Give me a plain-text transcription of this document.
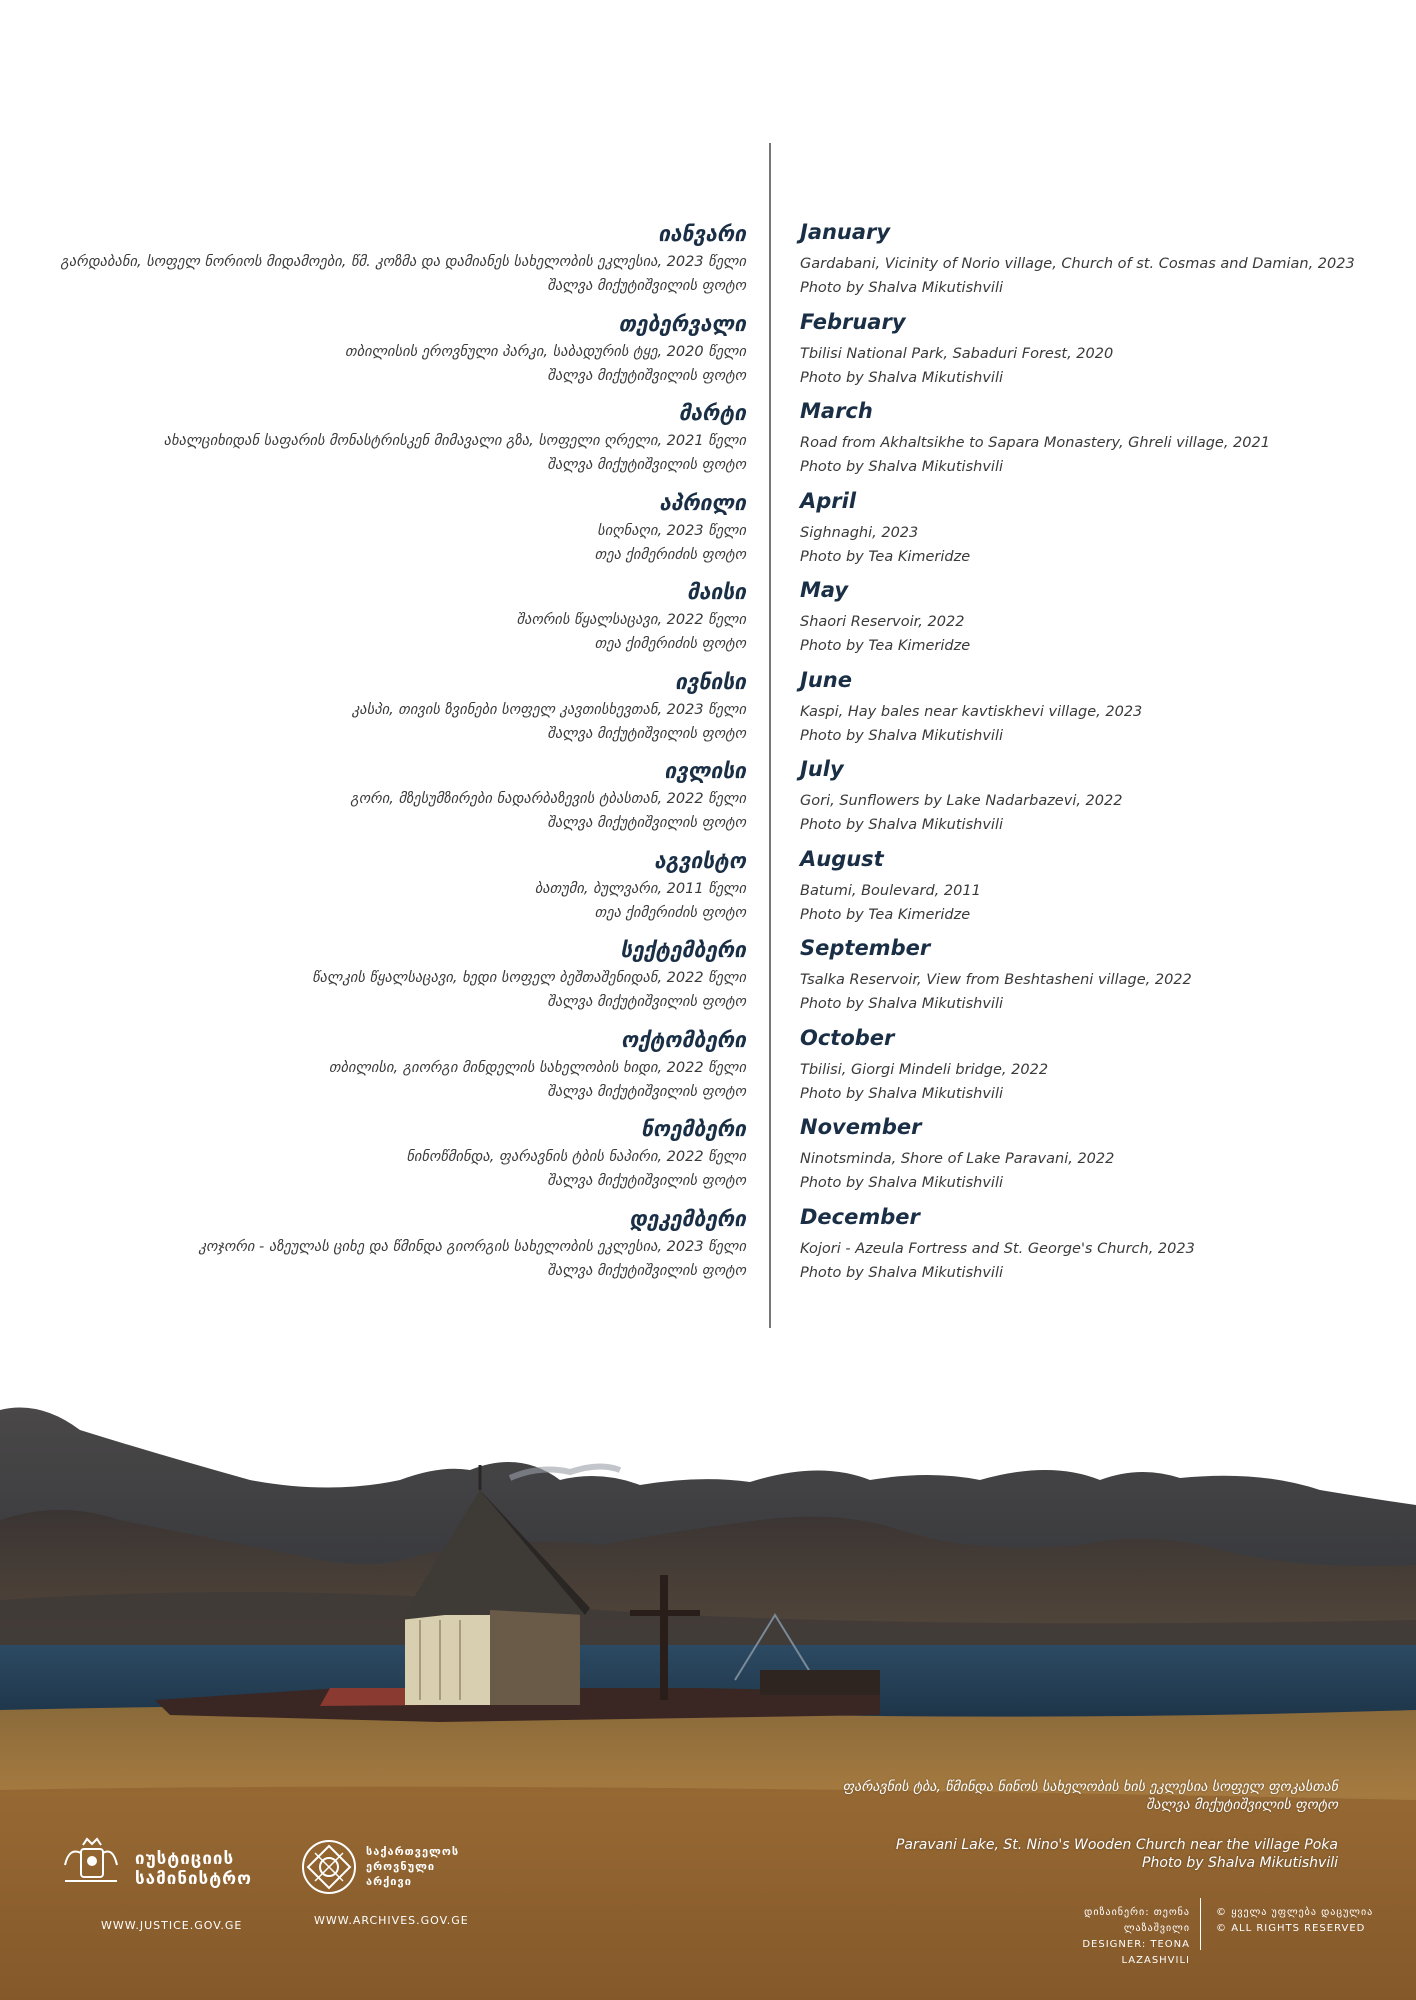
იანვარი
გარდაბანი, სოფელ ნორიოს მიდამოები, წმ. კოზმა და დამიანეს სახელობის ეკლესია, 2023 წელი
შალვა მიქუტიშვილის ფოტო
January
Gardabani, Vicinity of Norio village, Church of st. Cosmas and Damian, 2023
Photo by Shalva Mikutishvili
თებერვალი
თბილისის ეროვნული პარკი, საბადურის ტყე, 2020 წელი
შალვა მიქუტიშვილის ფოტო
February
Tbilisi National Park, Sabaduri Forest, 2020
Photo by Shalva Mikutishvili
მარტი
ახალციხიდან საფარის მონასტრისკენ მიმავალი გზა, სოფელი ღრელი, 2021 წელი
შალვა მიქუტიშვილის ფოტო
March
Road from Akhaltsikhe to Sapara Monastery, Ghreli village, 2021
Photo by Shalva Mikutishvili
აპრილი
სიღნაღი, 2023 წელი
თეა ქიმერიძის ფოტო
April
Sighnaghi, 2023
Photo by Tea Kimeridze
მაისი
შაორის წყალსაცავი, 2022 წელი
თეა ქიმერიძის ფოტო
May
Shaori Reservoir, 2022
Photo by Tea Kimeridze
ივნისი
კასპი, თივის ზვინები სოფელ კავთისხევთან, 2023 წელი
შალვა მიქუტიშვილის ფოტო
June
Kaspi, Hay bales near kavtiskhevi village, 2023
Photo by Shalva Mikutishvili
ივლისი
გორი, მზესუმზირები ნადარბაზევის ტბასთან, 2022 წელი
შალვა მიქუტიშვილის ფოტო
July
Gori, Sunflowers by Lake Nadarbazevi, 2022
Photo by Shalva Mikutishvili
აგვისტო
ბათუმი, ბულვარი, 2011 წელი
თეა ქიმერიძის ფოტო
August
Batumi, Boulevard, 2011
Photo by Tea Kimeridze
სექტემბერი
წალკის წყალსაცავი, ხედი სოფელ ბეშთაშენიდან, 2022 წელი
შალვა მიქუტიშვილის ფოტო
September
Tsalka Reservoir, View from Beshtasheni village, 2022
Photo by Shalva Mikutishvili
ოქტომბერი
თბილისი, გიორგი მინდელის სახელობის ხიდი, 2022 წელი
შალვა მიქუტიშვილის ფოტო
October
Tbilisi, Giorgi Mindeli bridge, 2022
Photo by Shalva Mikutishvili
ნოემბერი
ნინოწმინდა, ფარავნის ტბის ნაპირი, 2022 წელი
შალვა მიქუტიშვილის ფოტო
November
Ninotsminda, Shore of Lake Paravani, 2022
Photo by Shalva Mikutishvili
დეკემბერი
კოჯორი - აზეულას ციხე და წმინდა გიორგის სახელობის ეკლესია, 2023 წელი
შალვა მიქუტიშვილის ფოტო
December
Kojori - Azeula Fortress and St. George's Church, 2023
Photo by Shalva Mikutishvili
ფარავნის ტბა, წმინდა ნინოს სახელობის ხის ეკლესია სოფელ ფოკასთან
შალვა მიქუტიშვილის ფოტო
Paravani Lake, St. Nino's Wooden Church near the village Poka
Photo by Shalva Mikutishvili
იუსტიციის
სამინისტრო
WWW.JUSTICE.GOV.GE
საქართველოს
ეროვნული
არქივი
WWW.ARCHIVES.GOV.GE
დიზაინერი: თეონა ლაზაშვილი
DESIGNER: TEONA LAZASHVILI
© ყველა უფლება დაცულია
© ALL RIGHTS RESERVED
